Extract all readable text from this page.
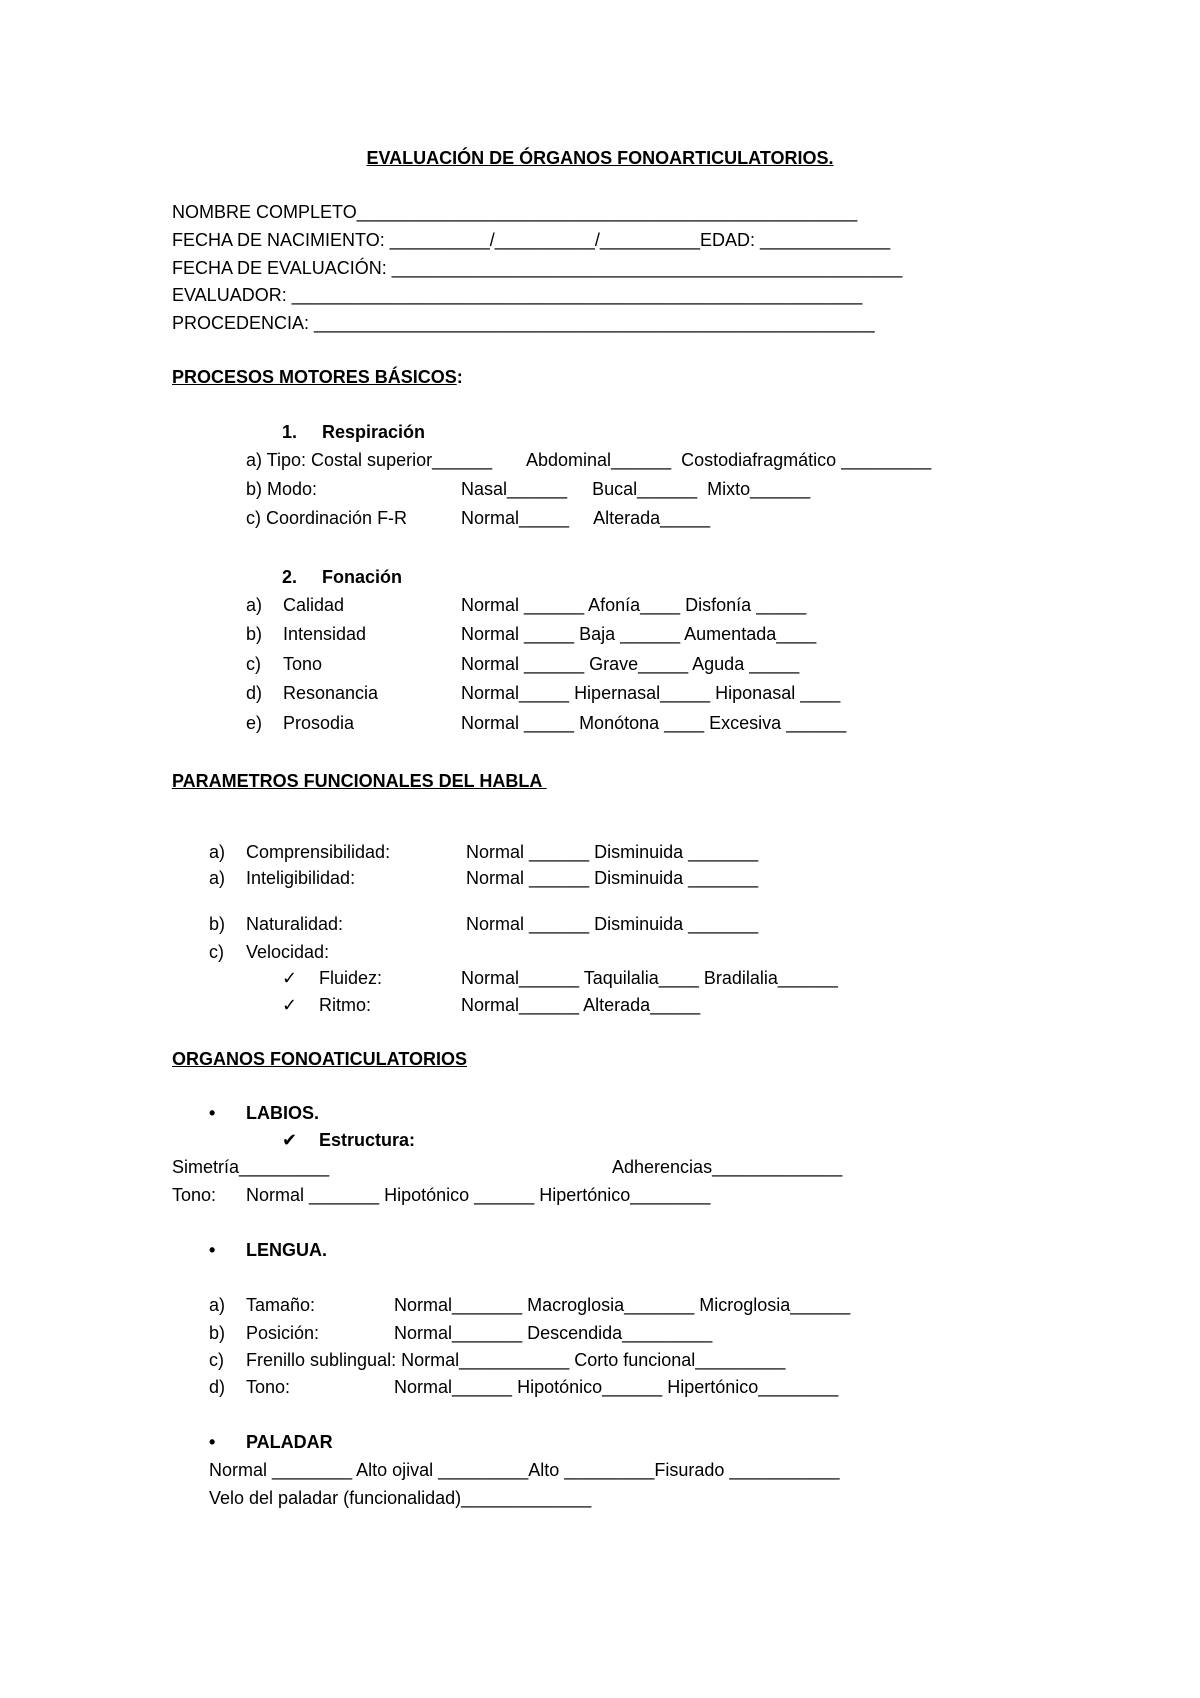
EVALUACIÓN DE ÓRGANOS FONOARTICULATORIOS.
NOMBRE COMPLETO__________________________________________________
FECHA DE NACIMIENTO: __________/__________/__________EDAD: _____________
FECHA DE EVALUACIÓN: ___________________________________________________
EVALUADOR: _________________________________________________________
PROCEDENCIA: ________________________________________________________
PROCESOS MOTORES BÁSICOS:
1. Respiración
a) Tipo: Costal superior______ Abdominal______  Costodiafragmático _________
b) Modo:	Nasal______     Bucal______  Mixto______
c) Coordinación F-R	Normal_____     Alterada_____
2. Fonación
a) Calidad	Normal ______ Afonía____ Disfonía _____
b) Intensidad	Normal _____ Baja ______ Aumentada____
c) Tono	Normal ______ Grave_____ Aguda _____
d) Resonancia	Normal_____ Hipernasal_____ Hiponasal ____
e) Prosodia	Normal _____ Monótona ____ Excesiva ______
PARAMETROS FUNCIONALES DEL HABLA
a) Comprensibilidad:	Normal ______ Disminuida _______
a) Inteligibilidad:	Normal ______ Disminuida _______
b) Naturalidad:	Normal ______ Disminuida _______
c) Velocidad:
✓ Fluidez:	Normal______ Taquilalia____ Bradilalia______
✓ Ritmo:	Normal______ Alterada_____
ORGANOS FONOATICULATORIOS
• LABIOS.
✔ Estructura:
Simetría_________	Adherencias_____________
Tono: Normal _______ Hipotónico ______ Hipertónico________
• LENGUA.
a) Tamaño:	Normal_______ Macroglosia_______ Microglosia______
b) Posición:	Normal_______ Descendida_________
c) Frenillo sublingual: Normal___________ Corto funcional_________
d) Tono:	Normal______ Hipotónico______ Hipertónico________
• PALADAR
Normal ________ Alto ojival _________Alto _________Fisurado ___________
Velo del paladar (funcionalidad)_____________
